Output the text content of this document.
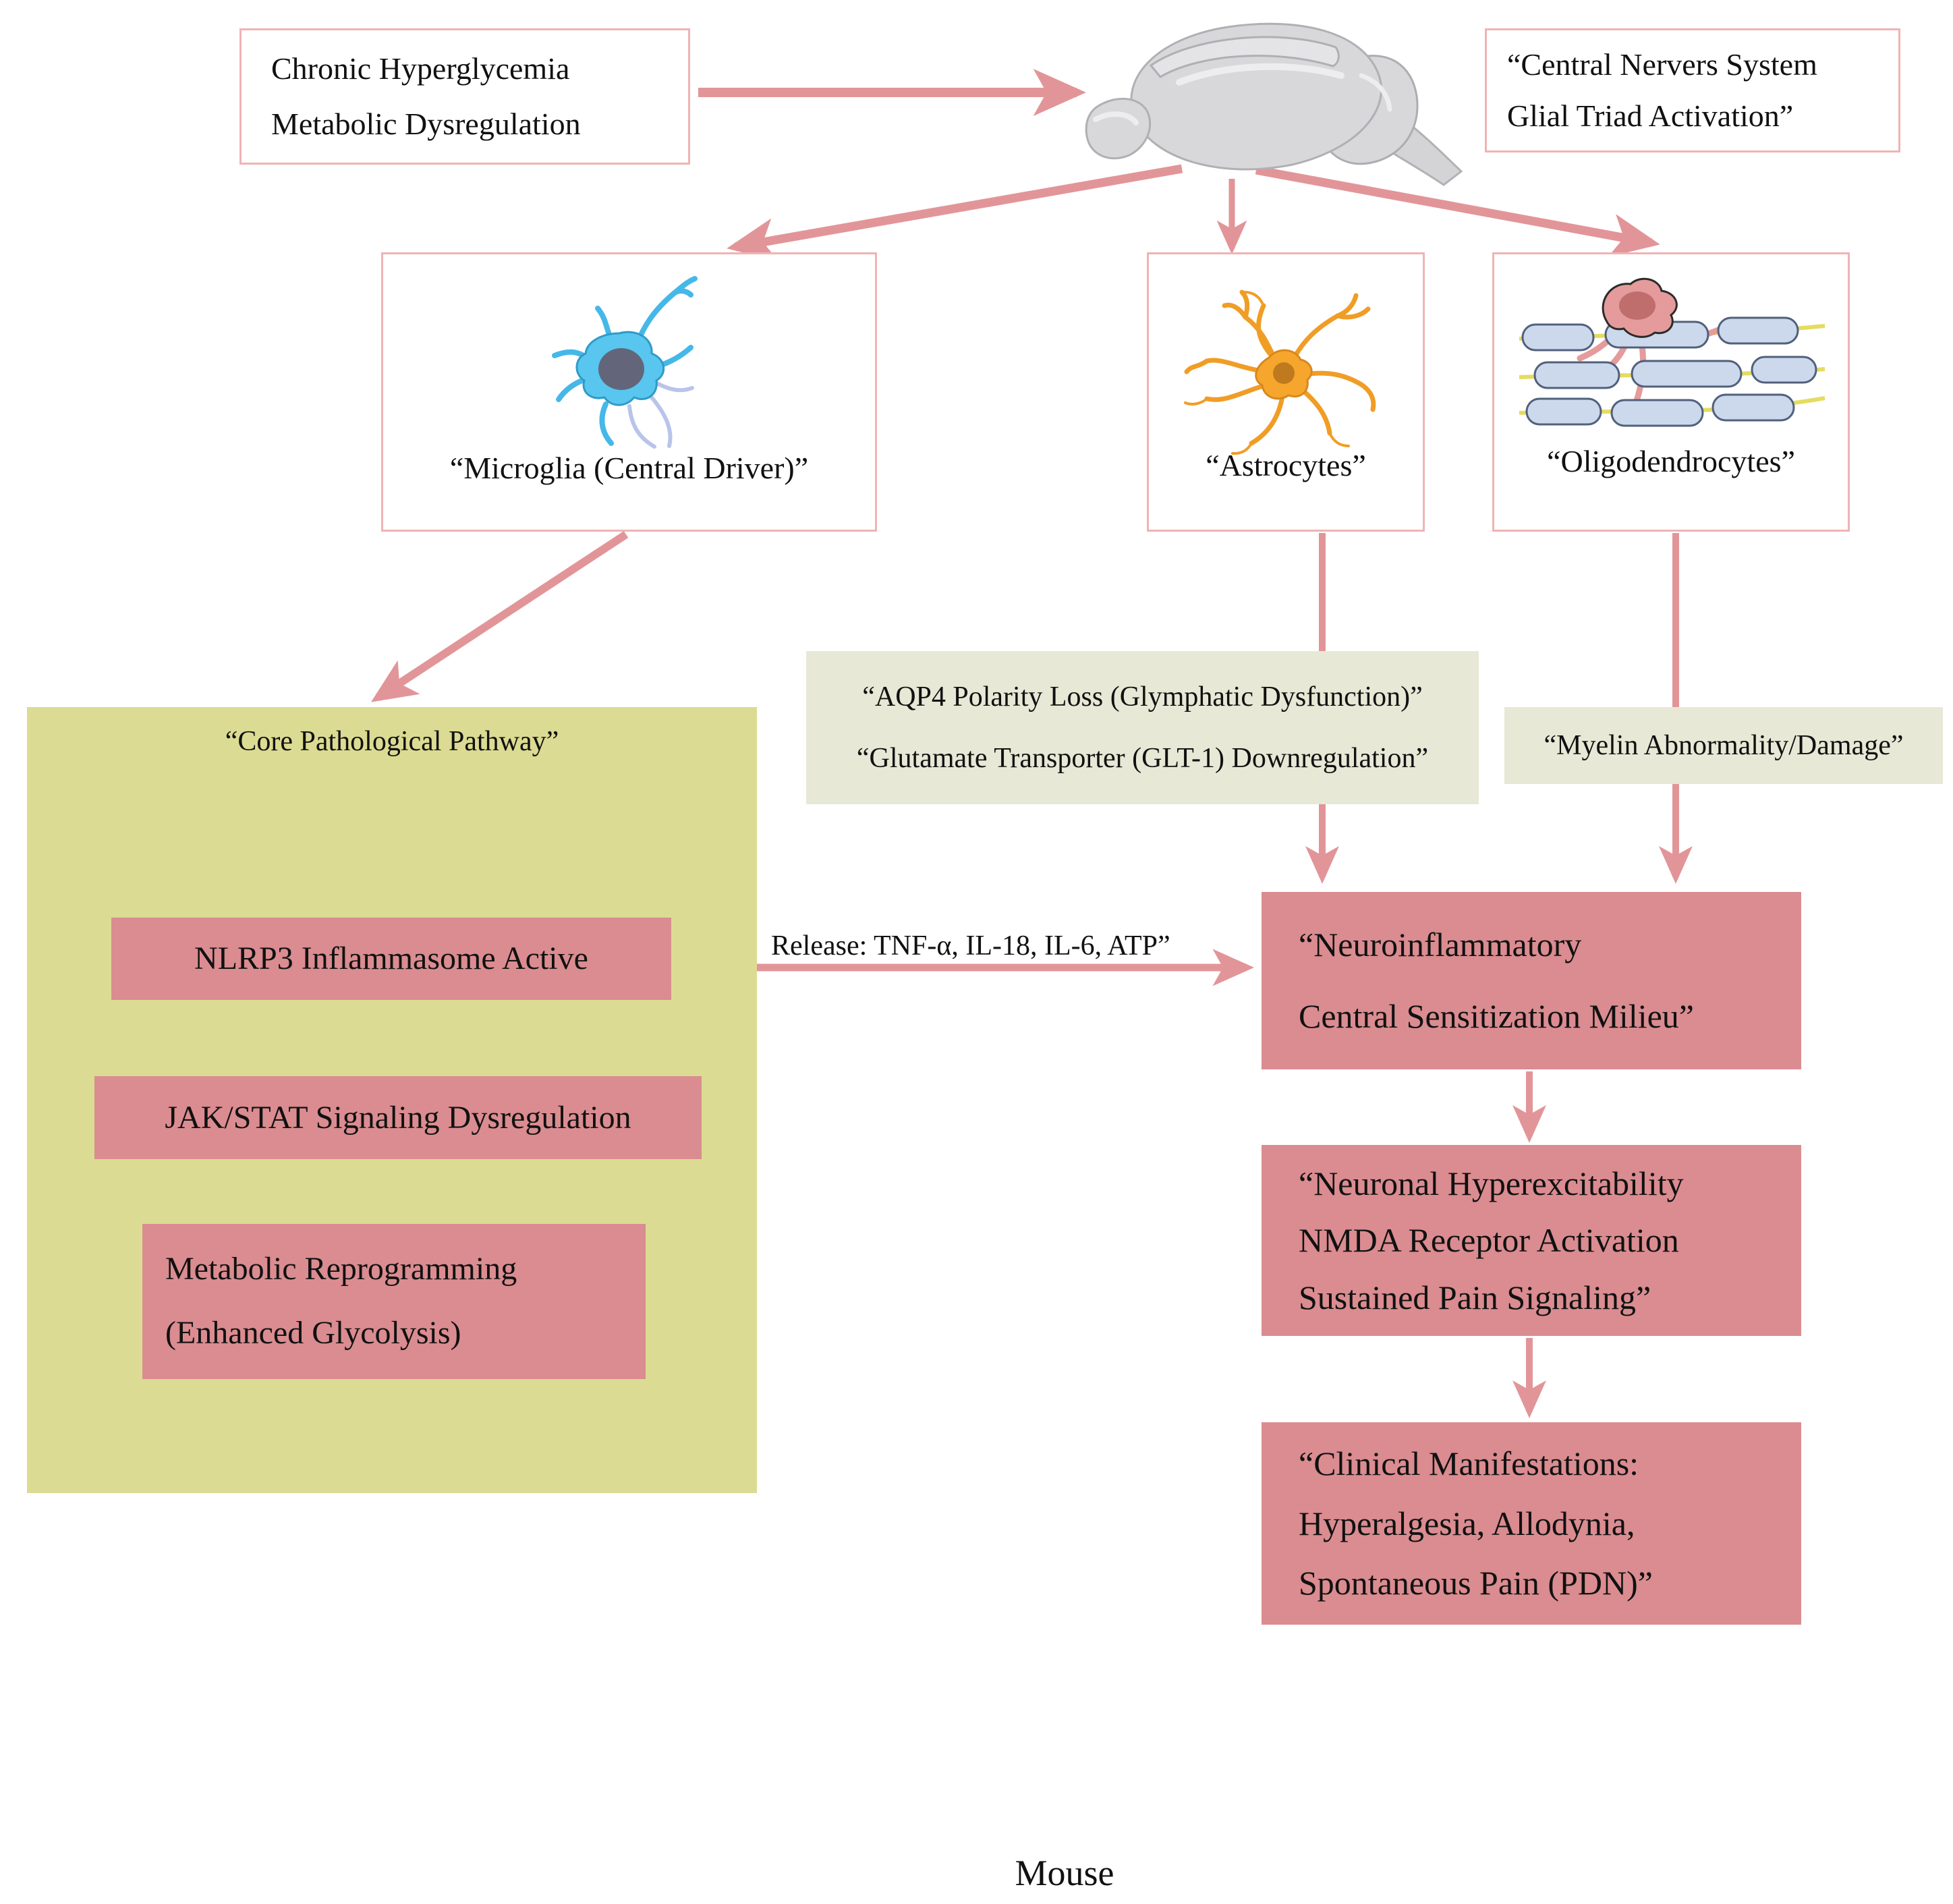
Chronic Hyperglycemia
Metabolic Dysregulation
“Central Nervers System
Glial Triad Activation”
“Microglia (Central Driver)”	“Astrocytes”	“Oligodendrocytes”
“Core Pathological Pathway”
NLRP3 Inflammasome Active
JAK/STAT Signaling Dysregulation
Metabolic Reprogramming
(Enhanced Glycolysis)
“AQP4 Polarity Loss (Glymphatic Dysfunction)”
“Glutamate Transporter (GLT-1) Downregulation”	“Myelin Abnormality/Damage”
Release: TNF-α, IL-18, IL-6, ATP”	“Neuroinflammatory
Central Sensitization Milieu”
“Neuronal Hyperexcitability
NMDA Receptor Activation
Sustained Pain Signaling”
“Clinical Manifestations:
Hyperalgesia, Allodynia,
Spontaneous Pain (PDN)”
Mouse
